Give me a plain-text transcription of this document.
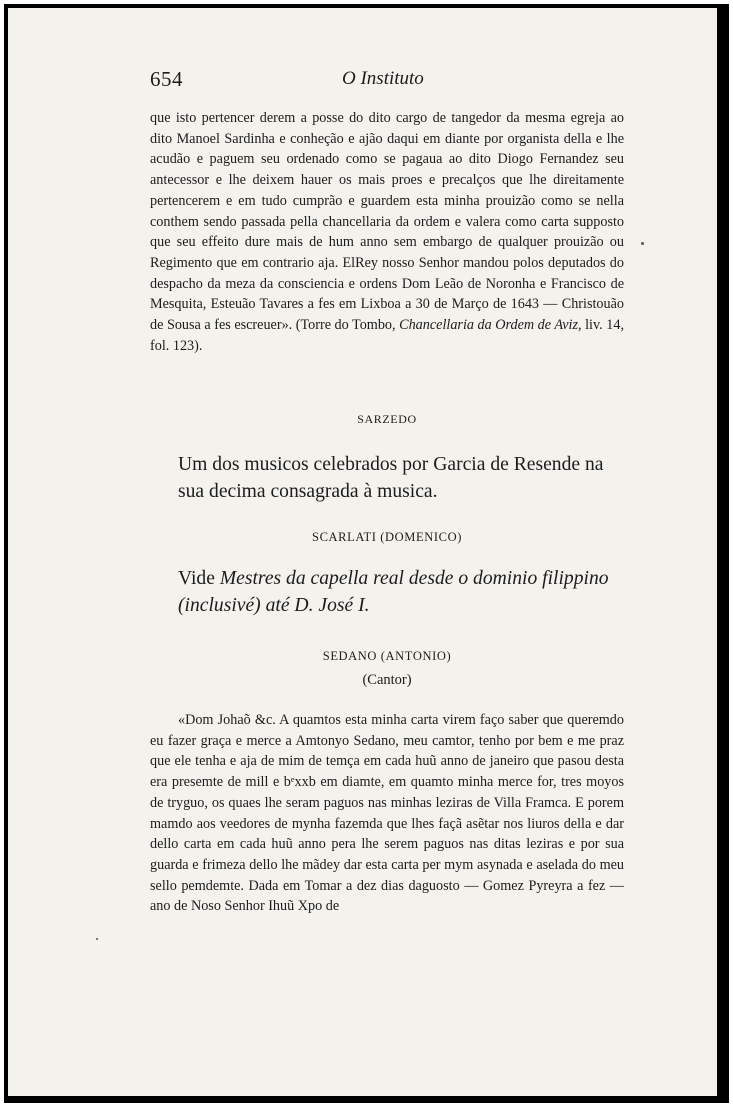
654	O Instituto
que isto pertencer derem a posse do dito cargo de tangedor da mesma egreja ao dito Manoel Sardinha e conheção e ajão daqui em diante por organista della e lhe acudão e paguem seu ordenado como se pagaua ao dito Diogo Fernandez seu antecessor e lhe deixem hauer os mais proes e precalços que lhe direitamente pertencerem e em tudo cumprão e guardem esta minha prouizão como se nella conthem sendo passada pella chancellaria da ordem e valera como carta supposto que seu effeito dure mais de hum anno sem embargo de qualquer prouizão ou Regimento que em contrario aja. ElRey nosso Senhor mandou polos deputados do despacho da meza da consciencia e ordens Dom Leão de Noronha e Francisco de Mesquita, Esteuão Tavares a fes em Lixboa a 30 de Março de 1643 — Christouão de Sousa a fes escreuer». (Torre do Tombo, Chancellaria da Ordem de Aviz, liv. 14, fol. 123).
SARZEDO
Um dos musicos celebrados por Garcia de Resende na sua decima consagrada à musica.
SCARLATI (DOMENICO)
Vide Mestres da capella real desde o dominio filippino (inclusivé) até D. José I.
SEDANO (ANTONIO)
(Cantor)
«Dom Johaõ &c. A quamtos esta minha carta virem faço saber que queremdo eu fazer graça e merce a Amtonyo Sedano, meu camtor, tenho por bem e me praz que ele tenha e aja de mim de temça em cada huũ anno de janeiro que pasou desta era presemte de mill e bᵉxxb em diamte, em quamto minha merce for, tres moyos de tryguo, os quaes lhe seram paguos nas minhas leziras de Villa Framca. E porem mamdo aos veedores de mynha fazemda que lhes façã asẽtar nos liuros della e dar dello carta em cada huũ anno pera lhe serem paguos nas ditas leziras e por sua guarda e frimeza dello lhe mãdey dar esta carta per mym asynada e aselada do meu sello pemdemte. Dada em Tomar a dez dias daguosto — Gomez Pyreyra a fez — ano de Noso Senhor Ihuũ Xpo de
